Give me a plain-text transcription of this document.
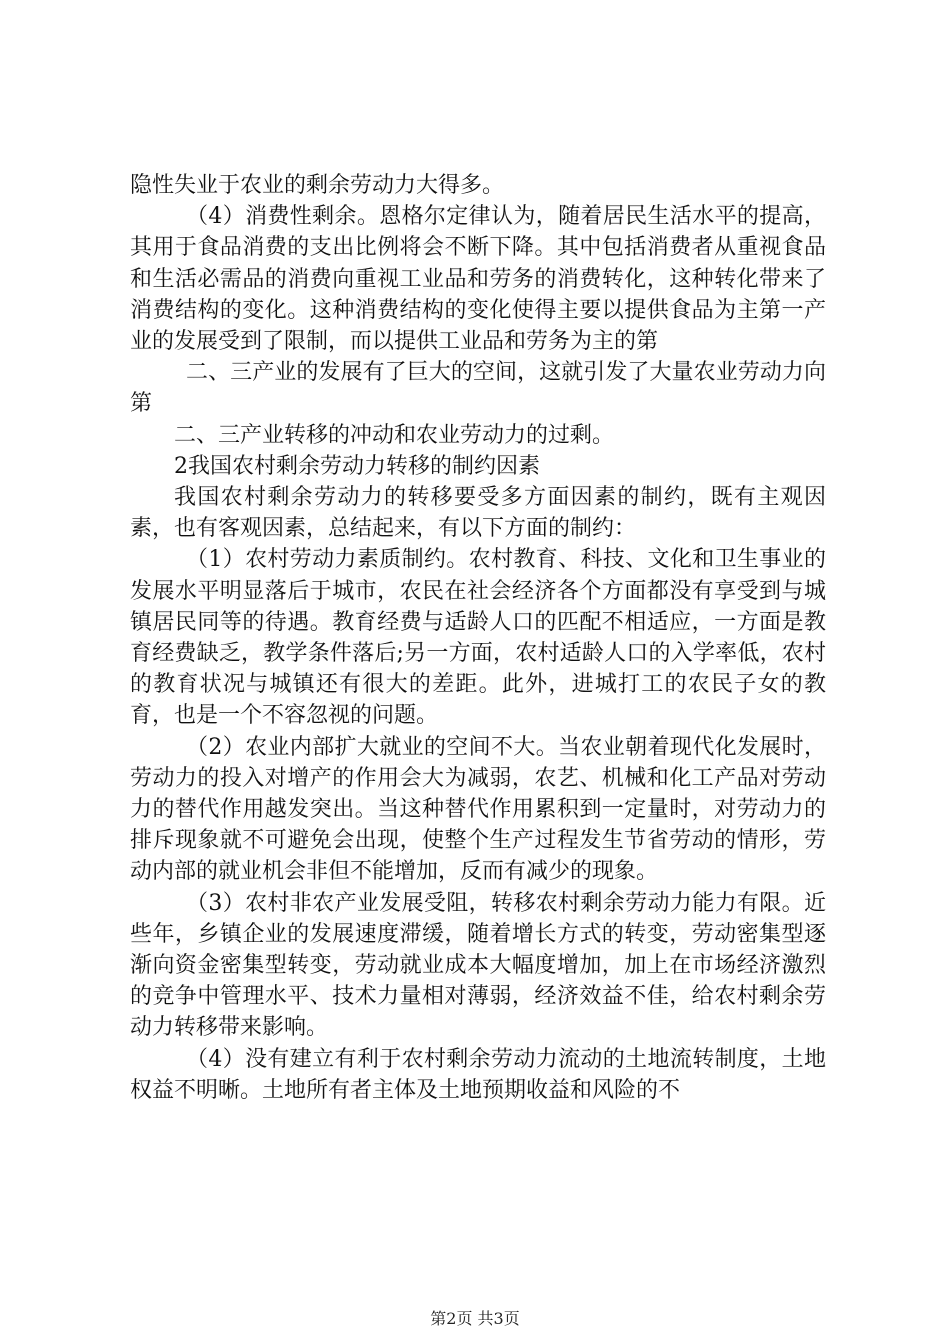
隐性失业于农业的剩余劳动力大得多。

（4）消费性剩余。恩格尔定律认为，随着居民生活水平的提高，其用于食品消费的支出比例将会不断下降。其中包括消费者从重视食品和生活必需品的消费向重视工业品和劳务的消费转化，这种转化带来了消费结构的变化。这种消费结构的变化使得主要以提供食品为主第一产业的发展受到了限制，而以提供工业品和劳务为主的第

二、三产业的发展有了巨大的空间，这就引发了大量农业劳动力向第

二、三产业转移的冲动和农业劳动力的过剩。

2我国农村剩余劳动力转移的制约因素

我国农村剩余劳动力的转移要受多方面因素的制约，既有主观因素，也有客观因素，总结起来，有以下方面的制约：

（1）农村劳动力素质制约。农村教育、科技、文化和卫生事业的发展水平明显落后于城市，农民在社会经济各个方面都没有享受到与城镇居民同等的待遇。教育经费与适龄人口的匹配不相适应，一方面是教育经费缺乏，教学条件落后;另一方面，农村适龄人口的入学率低，农村的教育状况与城镇还有很大的差距。此外，进城打工的农民子女的教育，也是一个不容忽视的问题。

（2）农业内部扩大就业的空间不大。当农业朝着现代化发展时，劳动力的投入对增产的作用会大为减弱，农艺、机械和化工产品对劳动力的替代作用越发突出。当这种替代作用累积到一定量时，对劳动力的排斥现象就不可避免会出现，使整个生产过程发生节省劳动的情形，劳动内部的就业机会非但不能增加，反而有减少的现象。

（3）农村非农产业发展受阻，转移农村剩余劳动力能力有限。近些年，乡镇企业的发展速度滞缓，随着增长方式的转变，劳动密集型逐渐向资金密集型转变，劳动就业成本大幅度增加，加上在市场经济激烈的竞争中管理水平、技术力量相对薄弱，经济效益不佳，给农村剩余劳动力转移带来影响。

（4）没有建立有利于农村剩余劳动力流动的土地流转制度，土地权益不明晰。土地所有者主体及土地预期收益和风险的不

第2页 共3页
